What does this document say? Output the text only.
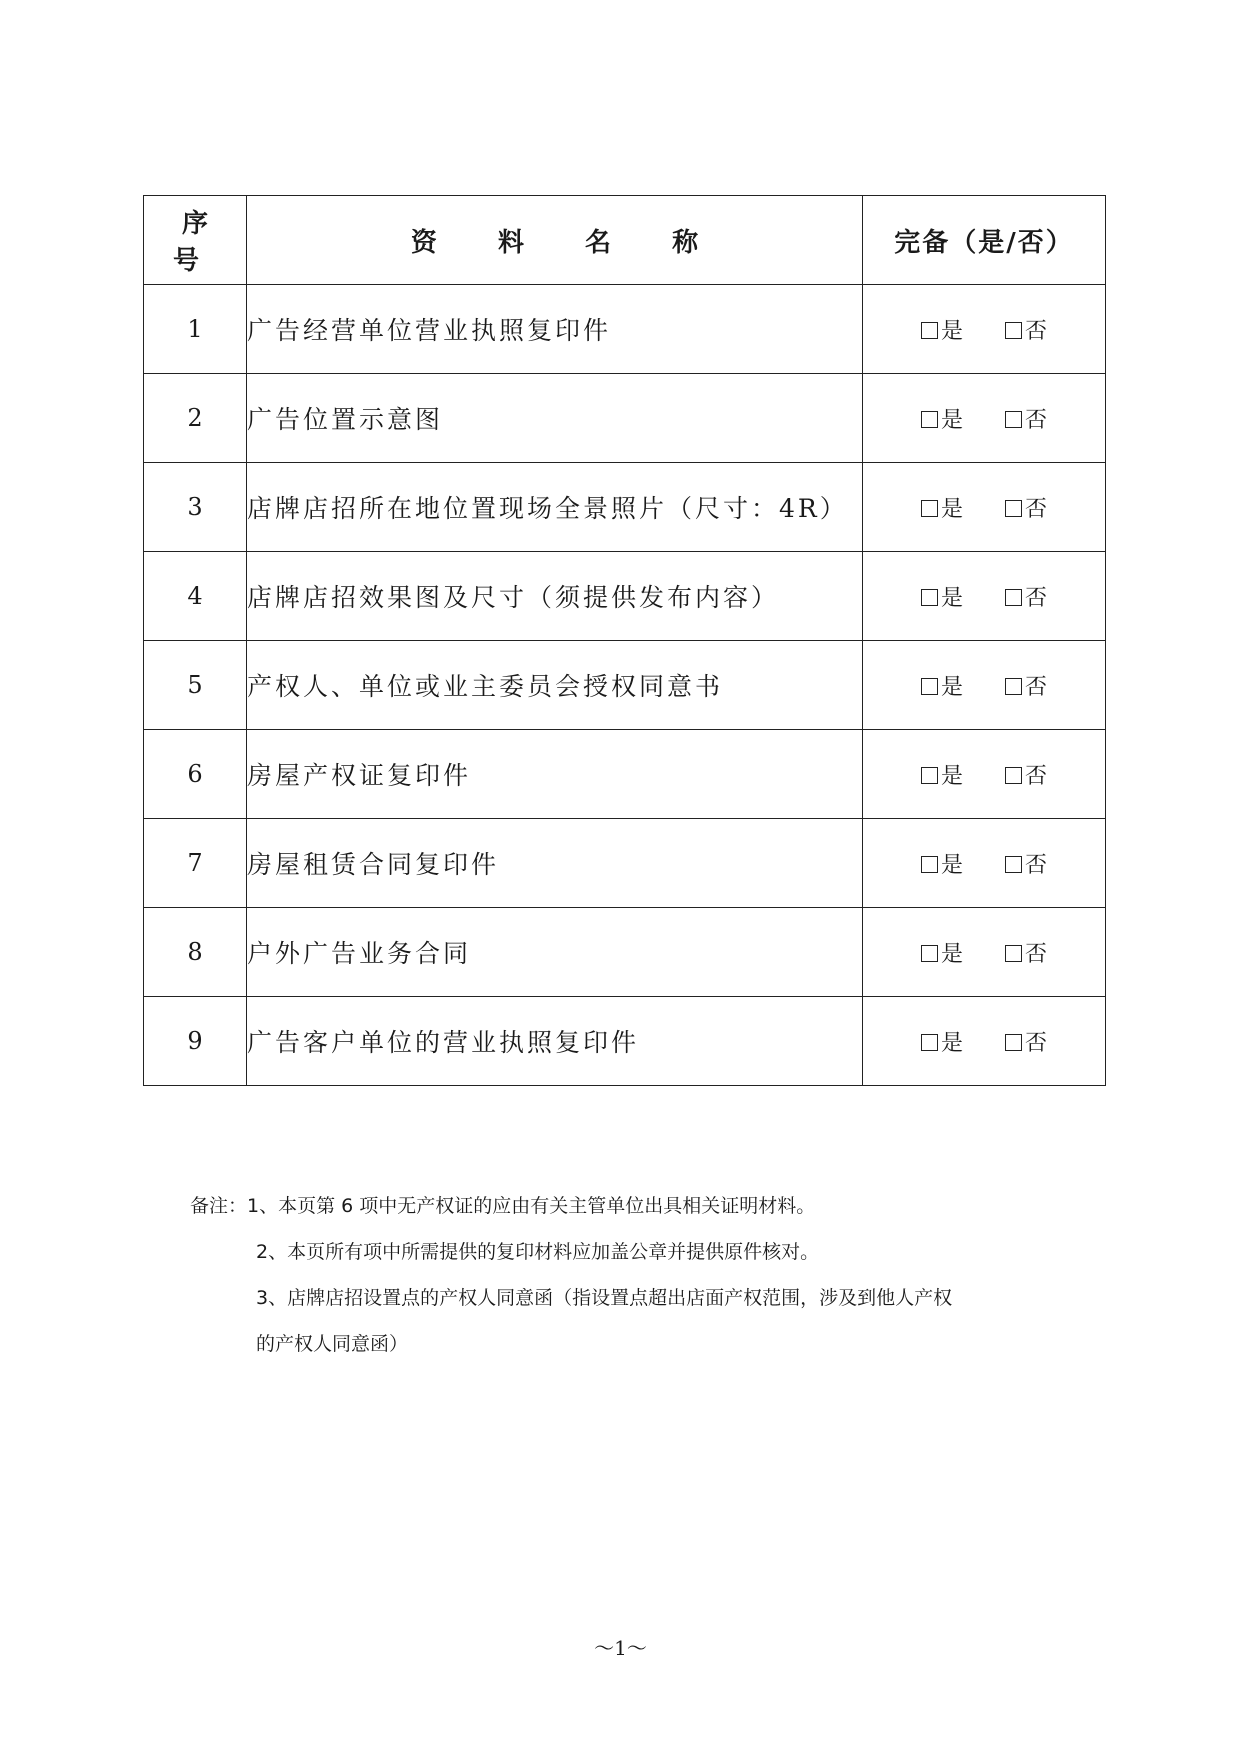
序 号	资 料 名 称	完备（是/否）
1	广告经营单位营业执照复印件	是 否
2	广告位置示意图	是 否
3	店牌店招所在地位置现场全景照片（尺寸：4R）	是 否
4	店牌店招效果图及尺寸（须提供发布内容）	是 否
5	产权人、单位或业主委员会授权同意书	是 否
6	房屋产权证复印件	是 否
7	房屋租赁合同复印件	是 否
8	户外广告业务合同	是 否
9	广告客户单位的营业执照复印件	是 否
备注：1、本页第 6 项中无产权证的应由有关主管单位出具相关证明材料。
2、本页所有项中所需提供的复印材料应加盖公章并提供原件核对。
3、店牌店招设置点的产权人同意函（指设置点超出店面产权范围，涉及到他人产权
的产权人同意函）
～1～
